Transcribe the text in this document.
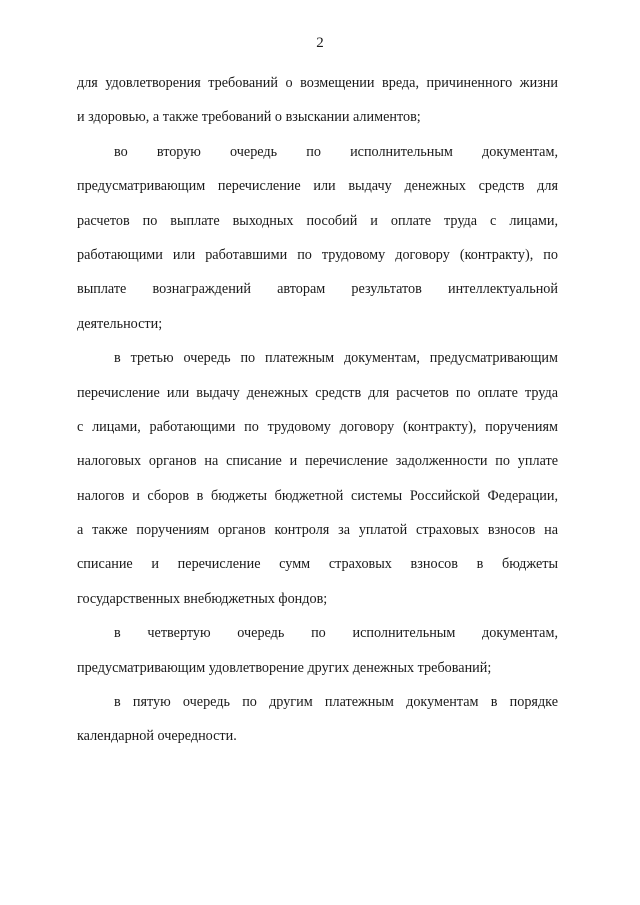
2
для удовлетворения требований о возмещении вреда, причиненного жизни
и здоровью, а также требований о взыскании алиментов;
во вторую очередь по исполнительным документам,
предусматривающим перечисление или выдачу денежных средств для
расчетов по выплате выходных пособий и оплате труда с лицами,
работающими или работавшими по трудовому договору (контракту), по
выплате вознаграждений авторам результатов интеллектуальной
деятельности;
в третью очередь по платежным документам, предусматривающим
перечисление или выдачу денежных средств для расчетов по оплате труда
с лицами, работающими по трудовому договору (контракту), поручениям
налоговых органов на списание и перечисление задолженности по уплате
налогов и сборов в бюджеты бюджетной системы Российской Федерации,
а также поручениям органов контроля за уплатой страховых взносов на
списание и перечисление сумм страховых взносов в бюджеты
государственных внебюджетных фондов;
в четвертую очередь по исполнительным документам,
предусматривающим удовлетворение других денежных требований;
в пятую очередь по другим платежным документам в порядке
календарной очередности.
